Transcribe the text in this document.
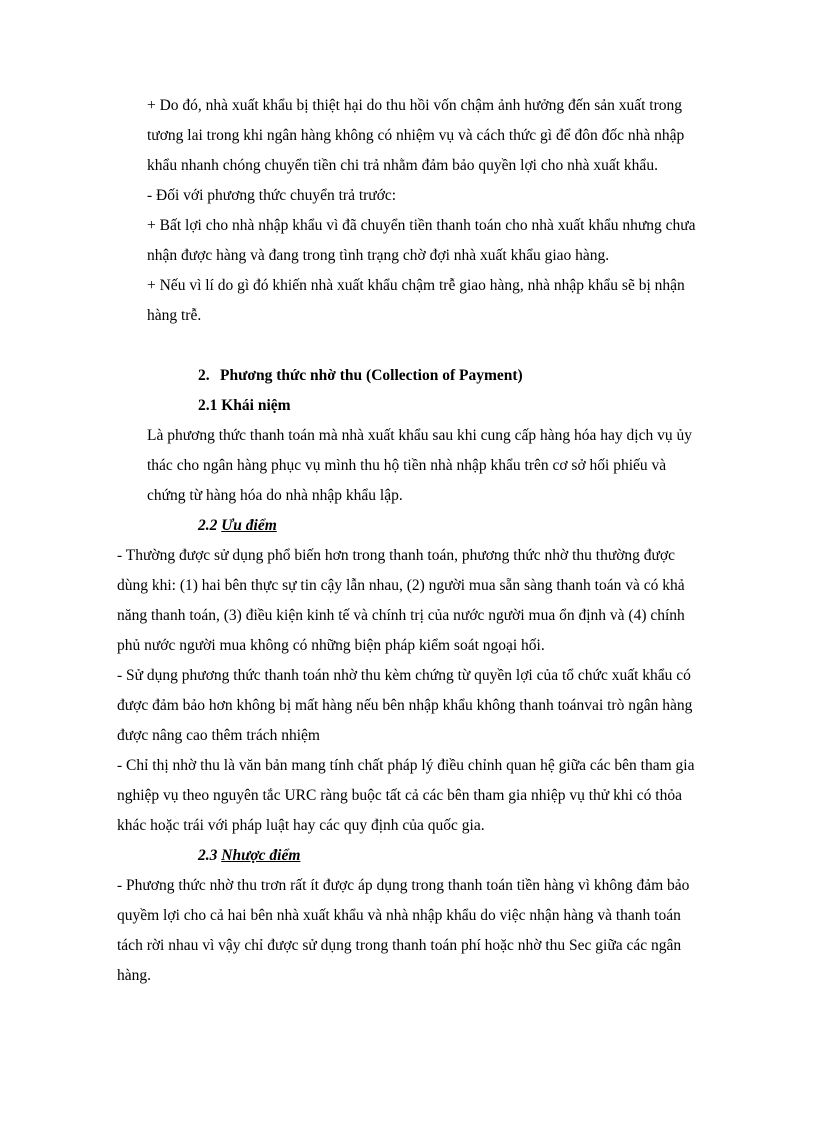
+ Do đó, nhà xuất khẩu bị thiệt hại do thu hồi vốn chậm ảnh hưởng đến sản xuất trong
tương lai trong khi ngân hàng không có nhiệm vụ và cách thức gì để đôn đốc nhà nhập
khẩu nhanh chóng chuyển tiền chi trả nhằm đảm bảo quyền lợi cho nhà xuất khẩu.
- Đối với phương thức chuyển trả trước:
+ Bất lợi cho nhà nhập khẩu vì đã chuyển tiền thanh toán cho nhà xuất khẩu nhưng chưa
nhận được hàng và đang trong tình trạng chờ đợi nhà xuất khẩu giao hàng.
+ Nếu vì lí do gì đó khiến nhà xuất khẩu chậm trễ giao hàng, nhà nhập khẩu sẽ bị nhận
hàng trễ.
2. Phương thức nhờ thu (Collection of Payment)
2.1 Khái niệm
Là phương thức thanh toán mà nhà xuất khẩu sau khi cung cấp hàng hóa hay dịch vụ ủy
thác cho ngân hàng phục vụ mình thu hộ tiền nhà nhập khẩu trên cơ sở hối phiếu và
chứng từ hàng hóa do nhà nhập khẩu lập.
2.2 Ưu điểm
- Thường được sử dụng phổ biến hơn trong thanh toán, phương thức nhờ thu thường được
dùng khi: (1) hai bên thực sự tin cậy lẫn nhau, (2) người mua sẵn sàng thanh toán và có khả
năng thanh toán, (3) điều kiện kinh tế và chính trị của nước người mua ổn định và (4) chính
phủ nước người mua không có những biện pháp kiểm soát ngoại hối.
- Sử dụng phương thức thanh toán nhờ thu kèm chứng từ quyền lợi của tổ chức xuất khẩu có
được đảm bảo hơn không bị mất hàng nếu bên nhập khẩu không thanh toánvai trò ngân hàng
được nâng cao thêm trách nhiệm
- Chỉ thị nhờ thu là văn bản mang tính chất pháp lý điều chỉnh quan hệ giữa các bên tham gia
nghiệp vụ theo nguyên tắc URC ràng buộc tất cả các bên tham gia nhiệp vụ thử khi có thỏa
khác hoặc trái với pháp luật hay các quy định của quốc gia.
2.3 Nhược điểm
- Phương thức nhờ thu trơn rất ít được áp dụng trong thanh toán tiền hàng vì không đảm bảo
quyềm lợi cho cả hai bên nhà xuất khẩu và nhà nhập khẩu do việc nhận hàng và thanh toán
tách rời nhau vì vậy chỉ được sử dụng trong thanh toán phí hoặc nhờ thu Sec giữa các ngân
hàng.
